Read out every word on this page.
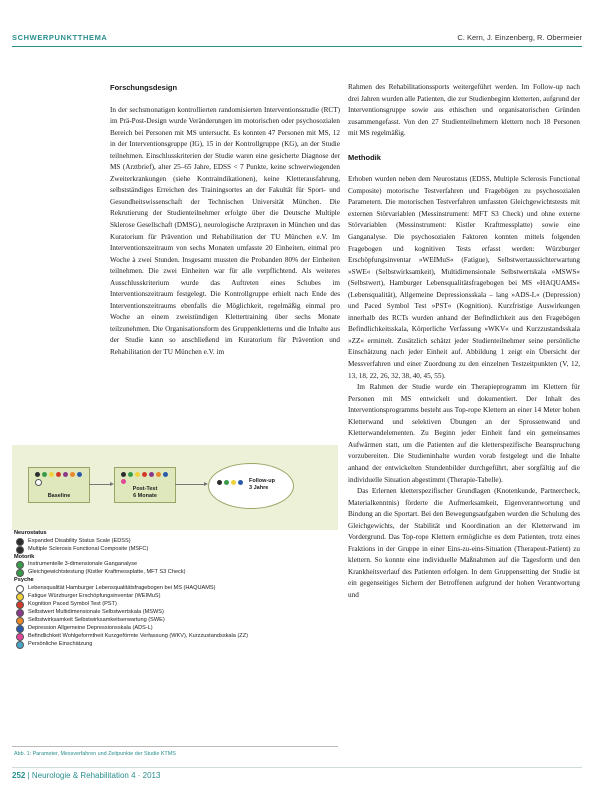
SCHWERPUNKTTHEMA	C. Kern, J. Einzenberg, R. Obermeier
Forschungsdesign

In der sechsmonatigen kontrollierten randomisierten Interventionsstudie (RCT) im Prä-Post-Design wurde Veränderungen im motorischen oder psychosozialen Bereich bei Personen mit MS untersucht. Es konnten 47 Personen mit MS, 12 in der Interventionsgruppe (IG), 15 in der Kontrollgruppe (KG), an der Studie teilnehmen. Einschlusskriterien der Studie waren eine gesicherte Diagnose der MS (Arztbrief), alter 25–65 Jahre, EDSS < 7 Punkte, keine schwerwiegenden Zweiterkrankungen (siehe Kontraindikationen), keine Kletterausfahrung, selbstständiges Erreichen des Trainingsortes an der Fakultät für Sport- und Gesundheitswissenschaft der Technischen Universität München. Die Rekrutierung der Studienteilnehmer erfolgte über die Deutsche Multiple Sklerose Gesellschaft (DMSG), neurologische Arztpraxen in München und das Kuratorium für Prävention und Rehabilitation der TU München e.V. Im Interventionszeitraum von sechs Monaten umfasste 20 Einheiten, einmal pro Woche à zwei Stunden. Insgesamt mussten die Probanden 80% der Einheiten teilnehmen. Die zwei Einheiten war für alle verpflichtend. Als weiteres Ausschlusskriterium wurde das Auftreten eines Schubes im Interventionszeitraum festgelegt. Die Kontrollgruppe erhielt nach Ende des Interventionszeitraums ebenfalls die Möglichkeit, regelmäßig einmal pro Woche an einem zweistündigen Klettertraining über sechs Monate teilzunehmen. Die Organisationsform des Gruppenkletterns und die Inhalte aus der Studie kann so anschließend im Kuratorium für Prävention und Rehabilitation der TU München e.V. im

Rahmen des Rehabilitationssports weitergeführt werden. Im Follow-up nach drei Jahren wurden alle Patienten, die zur Studienbeginn kletterten, aufgrund der Interventionsgruppe sowie aus ethischen und organisatorischen Gründen zusammengefasst. Von den 27 Studienteilnehmern klettern noch 18 Personen mit MS regelmäßig.

Methodik

Erhoben wurden neben dem Neurostatus (EDSS, Multiple Sclerosis Functional Composite) motorische Testverfahren und Fragebögen zu psychosozialen Parametern. Die motorischen Testverfahren umfassten Gleichgewichtstests mit externen Störvariablen (Messinstrument: MFT S3 Check) und ohne externe Störvariablen (Messinstrument: Kistler Kraftmessplatte) sowie eine Ganganalyse. Die psychosozialen Faktoren konnten mittels folgenden Fragebogen und kognitiven Tests erfasst werden: Würzburger Erschöpfungsinventar »WEIMuS« (Fatigue), Selbstwertaussichterwartung »SWE« (Selbstwirksamkeit), Multidimensionale Selbstwertskala »MSWS« (Selbstwert), Hamburger Lebensqualitätsfragebogen bei MS »HAQUAMS« (Lebensqualität), Allgemeine Depressionsskala – lang »ADS-L« (Depression) und Paced Symbol Test »PST« (Kognition). Kurzfristige Auswirkungen innerhalb des RCTs wurden anhand der Befindlichkeit aus den Fragebögen Befindlichkeitsskala, Körperliche Verfassung »WKV« und Kurzzustandsskala »ZZ« ermittelt. Zusätzlich schätzt jeder Studienteilnehmer seine persönliche Einschätzung nach jeder Einheit auf. Abbildung 1 zeigt ein Übersicht der Messverfahren und einer Zuordnung zu den einzelnen Testzeitpunkten (V, 12, 13, 18, 22, 26, 32, 38, 40, 45, 55).

Im Rahmen der Studie wurde ein Therapieprogramm im Klettern für Personen mit MS entwickelt und dokumentiert. Der Inhalt des Interventionsprogramms besteht aus Top-rope Klettern an einer 14 Meter hohen Kletterwand und selektiven Übungen an der Sprossenwand und Kletterwandelementen. Zu Beginn jeder Einheit fand ein gemeinsames Aufwärmen statt, um die Patienten auf die kletterspezifische Beanspruchung vorzubereiten. Die Studieninhalte wurden vorab festgelegt und die Inhalte anhand der entwickelten Stundenbilder durchgeführt, aber sorgfältig auf die individuelle Situation abgestimmt (Therapie-Tabelle).

Das Erlernen kletterspezifischer Grundlagen (Knotenkunde, Partnercheck, Materialkenntnis) förderte die Aufmerksamkeit, Eigenverantwortung und Bindung an die Sportart. Bei den Bewegungsaufgaben wurden die Schulung des Gleichgewichts, der Stabilität und Koordination an der Kletterwand im Vordergrund. Das Top-rope Klettern ermöglichte es dem Patienten, trotz eines Fraktions in der Gruppe in einer Eins-zu-eins-Situation (Therapeut-Patient) zu klettern. So konnte eine individuelle Maßnahmen auf die Tagesform und den Krankheitsverlauf des Patienten erfolgen. In dem Gruppensetting der Studie ist ein gegenseitiges Sichern der Betroffenen aufgrund der hohen Verantwortung und

Baseline
Post-Test
6 Monate
Follow-up
3 Jahre
Neurostatus
Expanded Disability Status Scale (EDSS)
Multiple Sclerosis Functional Composite (MSFC)
Motorik
Instrumentelle 3-dimensionale Ganganalyse
Gleichgewichtstestung (Kistler Kraftmessplatte, MFT S3 Check)
Psyche
Lebensqualität Hamburger Lebensqualitätsfragebogen bei MS (HAQUAMS)
Fatigue Würzburger Erschöpfungsinventar (WEIMuS)
Kognition Paced Symbol Test (PST)
Selbstwert Multidimensionale Selbstwertskala (MSWS)
Selbstwirksamkeit Selbstwirksamkeitserwartung (SWE)
Depression Allgemeine Depressionsskala (ADS-L)
Befindlichkeit Wohlgeformtheit Kurzgeförmte Verfassung (WKV), Kurzzustandsskala (ZZ)
Persönliche Einschätzung
Abb. 1: Parameter, Messverfahren und Zeitpunkte der Studie KTMS
252 | Neurologie & Rehabilitation 4 · 2013
